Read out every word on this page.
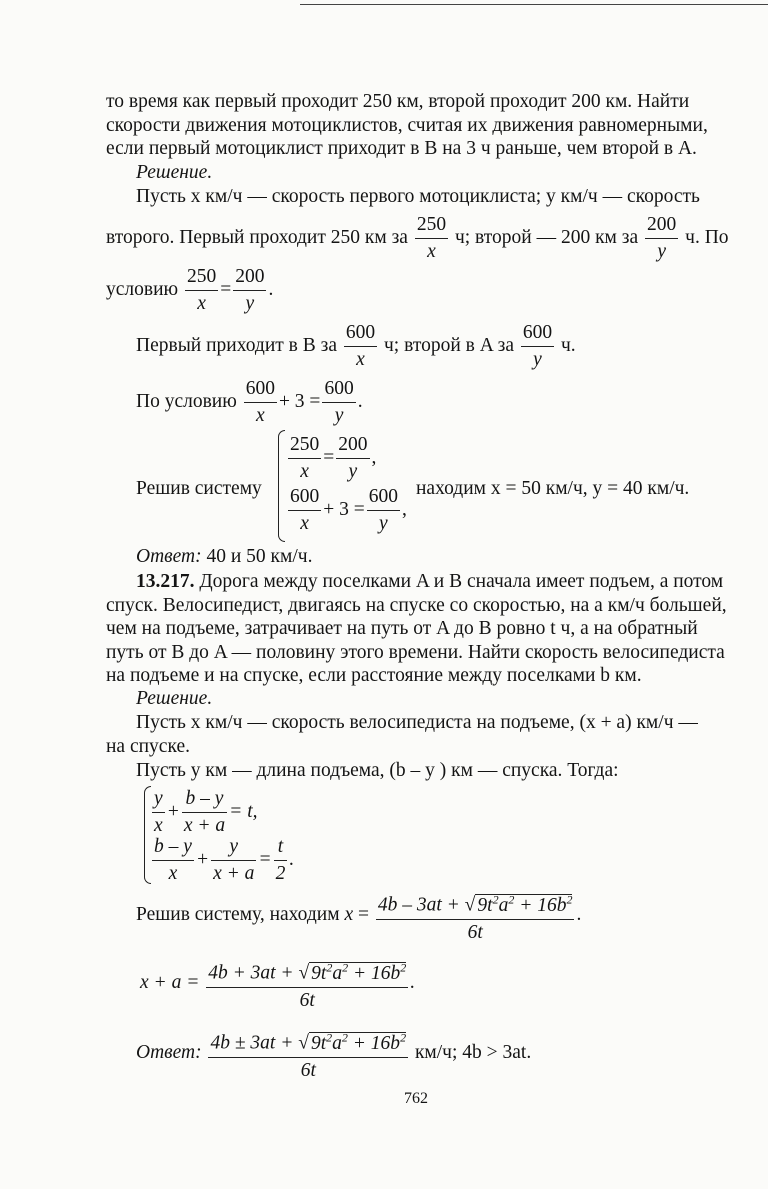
то время как первый проходит 250 км, второй проходит 200 км. Найти
скорости движения мотоциклистов, считая их движения равномерными,
если первый мотоциклист приходит в B на 3 ч раньше, чем второй в A.
Решение.
Пусть x км/ч — скорость первого мотоциклиста; y км/ч — скорость
второго. Первый проходит 250 км за $\frac{250}{x} ч$; второй — 200 км за $\frac{200}{y} ч$. По
условию $\frac{250}{x} = \frac{200}{y}$ .
Первый приходит в B за $\frac{600}{x} ч$; второй в A за $\frac{600}{y} ч$.
По условию $\frac{600}{x} + 3 = \frac{600}{y}$ .
Решив систему
$\frac{250}{x} = \frac{200}{y}$ ,
$\frac{600}{x} + 3 = \frac{600}{y}$ ,
находим x = 50 км/ч, y = 40 км/ч.
Ответ: 40 и 50 км/ч.
13.217. Дорога между поселками A и B сначала имеет подъем, а потом
спуск. Велосипедист, двигаясь на спуске со скоростью, на a км/ч большей,
чем на подъеме, затрачивает на путь от A до B ровно t ч, а на обратный
путь от B до A — половину этого времени. Найти скорость велосипедиста
на подъеме и на спуске, если расстояние между поселками b км.
Решение.
Пусть x км/ч — скорость велосипедиста на подъеме, (x + a) км/ч —
на спуске.
Пусть y км — длина подъема, (b – y ) км — спуска. Тогда:
$\frac{y}{x} + \frac{b - y}{x + a} = t$,
$\frac{b - y}{x} + \frac{y}{x + a} = \frac{t}{2}$ .
Решив систему, находим $x = \frac{4b - 3at + √ 9t^2a^2 + 16b^2}{6t}$ .
$x + a = \frac{4b + 3at + √ 9t^2a^2 + 16b^2}{6t}$ .
Ответ: $\frac{4b \pm 3at + √ 9t^2a^2 + 16b^2}{6t} км/ч$; 4b > 3at.
762
